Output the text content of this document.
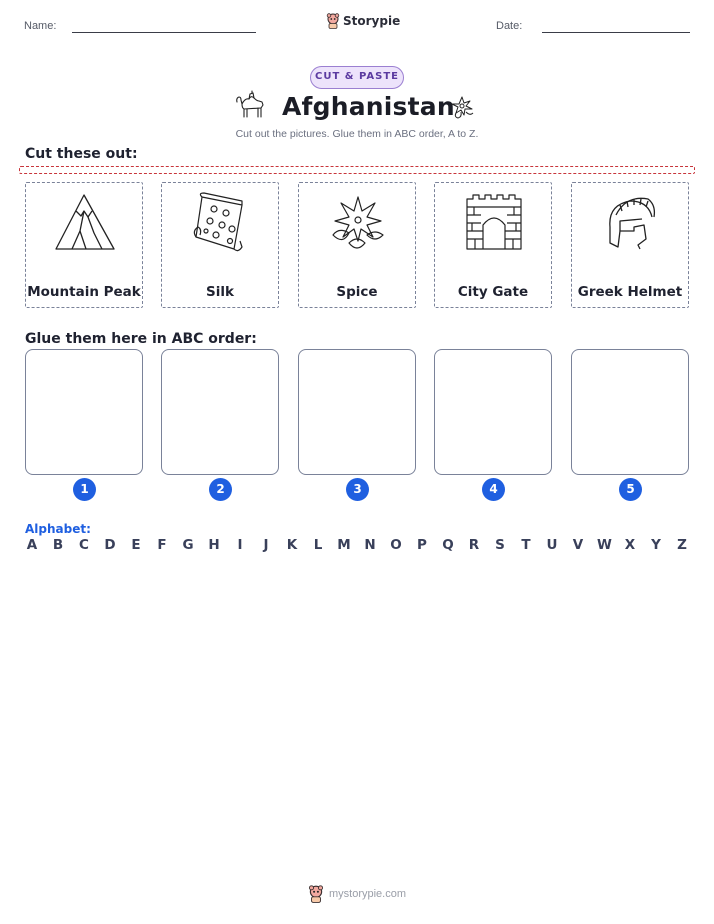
Name:	Storypie	Date:
CUT & PASTE
Afghanistan
Cut out the pictures. Glue them in ABC order, A to Z.
Cut these out:
Mountain Peak	Silk	Spice	City Gate	Greek Helmet
Glue them here in ABC order:
1	2	3	4	5
Alphabet:
A B C D E F G H	I	J	K L M N O P Q R S T U V W X Y Z
mystorypie.com
